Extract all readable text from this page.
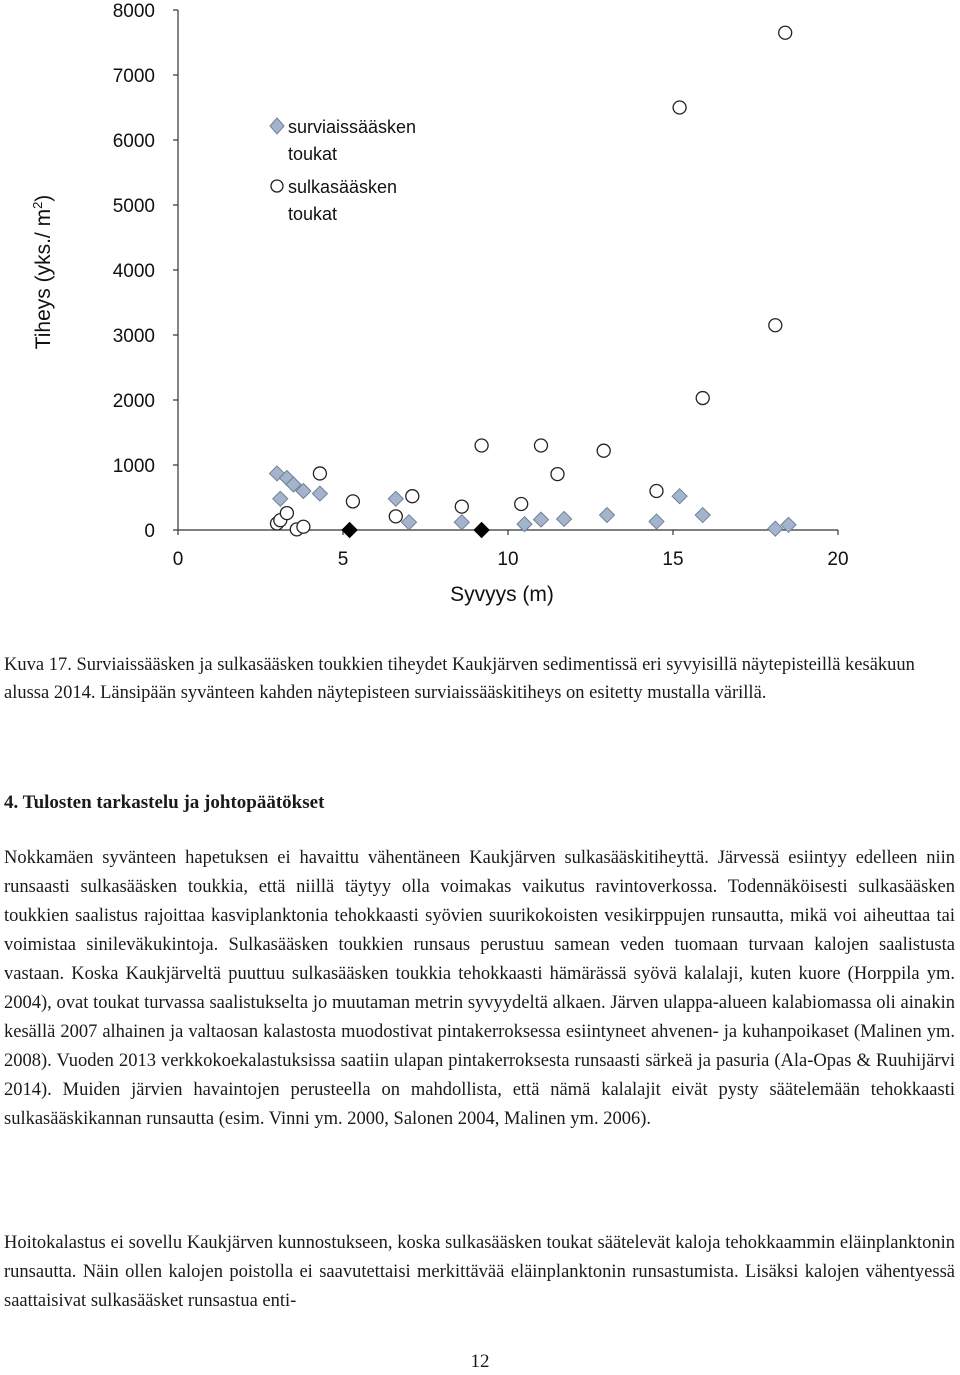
0
1000
2000
3000
4000
5000
6000
7000
8000
0	5	10	15	20
Tiheys (yks./ $m^2$)
Syvyys (m)
surviaissääsken
toukat
sulkasääsken
toukat

Kuva 17. Surviaissääsken ja sulkasääsken toukkien tiheydet Kaukjärven sedimentissä eri syvyisillä näytepisteillä kesäkuun alussa 2014. Länsipään syvänteen kahden näytepisteen surviaissääskitiheys on esitetty mustalla värillä.

4. Tulosten tarkastelu ja johtopäätökset

Nokkamäen syvänteen hapetuksen ei havaittu vähentäneen Kaukjärven sulkasääskitiheyttä. Järvessä esiintyy edelleen niin runsaasti sulkasääsken toukkia, että niillä täytyy olla voimakas vaikutus ravintoverkossa. Todennäköisesti sulkasääsken toukkien saalistus rajoittaa kasviplanktonia tehokkaasti syövien suurikokoisten vesikirppujen runsautta, mikä voi aiheuttaa tai voimistaa sinileväkukintoja. Sulkasääsken toukkien runsaus perustuu samean veden tuomaan turvaan kalojen saalistusta vastaan. Koska Kaukjärveltä puuttuu sulkasääsken toukkia tehokkaasti hämärässä syövä kalalaji, kuten kuore (Horppila ym. 2004), ovat toukat turvassa saalistukselta jo muutaman metrin syvyydeltä alkaen. Järven ulappa-alueen kalabiomassa oli ainakin kesällä 2007 alhainen ja valtaosan kalastosta muodostivat pintakerroksessa esiintyneet ahvenen- ja kuhanpoikaset (Malinen ym. 2008). Vuoden 2013 verkkokoekalastuksissa saatiin ulapan pintakerroksesta runsaasti särkeä ja pasuria (Ala-Opas & Ruuhijärvi 2014). Muiden järvien havaintojen perusteella on mahdollista, että nämä kalalajit eivät pysty säätelemään tehokkaasti sulkasääskikannan runsautta (esim. Vinni ym. 2000, Salonen 2004, Malinen ym. 2006).

Hoitokalastus ei sovellu Kaukjärven kunnostukseen, koska sulkasääsken toukat säätelevät kaloja tehokkaammin eläinplanktonin runsautta. Näin ollen kalojen poistolla ei saavutettaisi merkittävää eläinplanktonin runsastumista. Lisäksi kalojen vähentyessä saattaisivat sulkasääsket runsastua enti-

12
